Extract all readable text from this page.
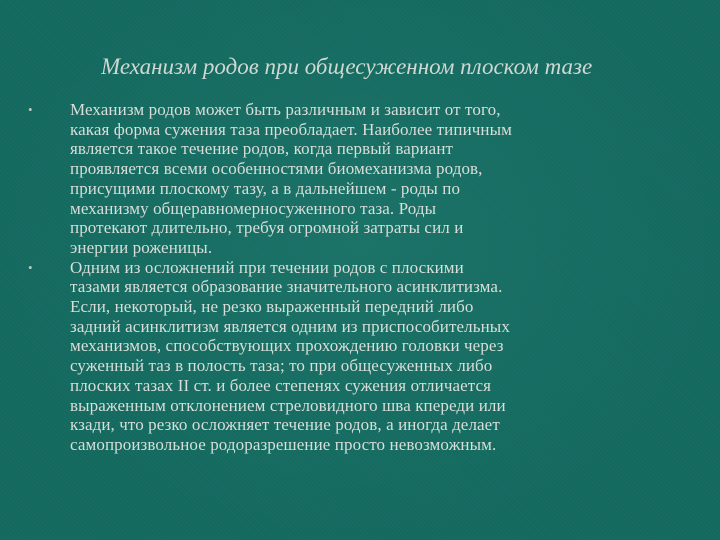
Механизм родов при общесуженном плоском тазе
• Механизм родов может быть различным и зависит от того,
какая форма сужения таза преобладает. Наиболее типичным
является такое течение родов, когда первый вариант
проявляется всеми особенностями биомеханизма родов,
присущими плоскому тазу, а в дальнейшем - роды по
механизму общеравномерносуженного таза. Роды
протекают длительно, требуя огромной затраты сил и
энергии роженицы.
• Одним из осложнений при течении родов с плоскими
тазами является образование значительного асинклитизма.
Если, некоторый, не резко выраженный передний либо
задний асинклитизм является одним из приспособительных
механизмов, способствующих прохождению головки через
суженный таз в полость таза; то при общесуженных либо
плоских тазах II ст. и более степенях сужения отличается
выраженным отклонением стреловидного шва кпереди или
кзади, что резко осложняет течение родов, а иногда делает
самопроизвольное родоразрешение просто невозможным.
